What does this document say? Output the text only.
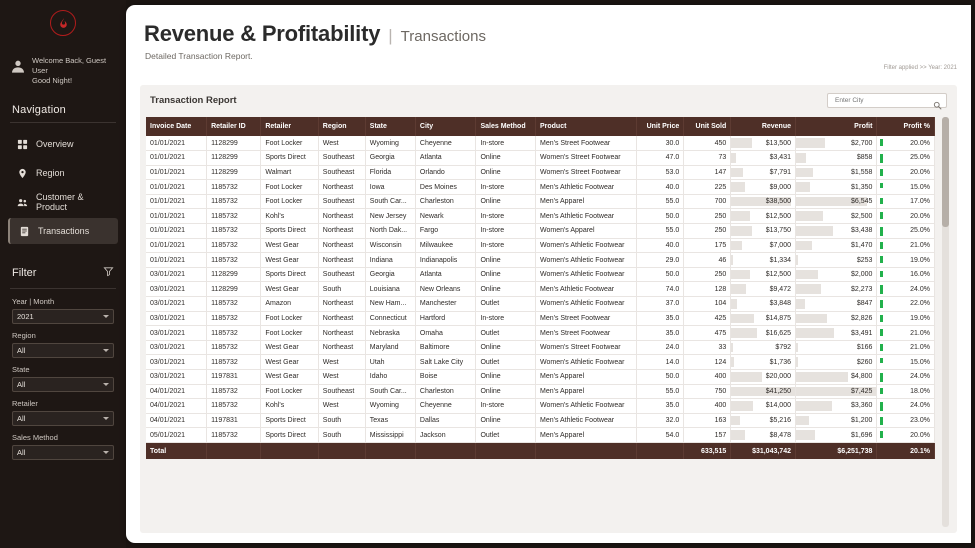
Welcome Back, Guest User
Good Night!
Navigation
Overview
Region
Customer & Product
Transactions
Filter
Year | Month
2021
Region
All
State
All
Retailer
All
Sales Method
All
Revenue & Profitability | Transactions
Detailed Transaction Report.
Filter applied >> Year: 2021
Transaction Report
Enter City
Invoice Date	Retailer ID	Retailer	Region	State	City	Sales Method	Product	Unit Price	Unit Sold	Revenue	Profit	Profit %
01/01/2021	1128299	Foot Locker	West	Wyoming	Cheyenne	In-store	Men's Street Footwear	30.0	450	$13,500	$2,700	20.0%

01/01/2021	1128299	Sports Direct	Southeast	Georgia	Atlanta	Online	Women's Street Footwear	47.0	73	$3,431	$858	25.0%

01/01/2021	1128299	Walmart	Southeast	Florida	Orlando	Online	Women's Street Footwear	53.0	147	$7,791	$1,558	20.0%

01/01/2021	1185732	Foot Locker	Northeast	Iowa	Des Moines	In-store	Men's Athletic Footwear	40.0	225	$9,000	$1,350	15.0%

01/01/2021	1185732	Foot Locker	Southeast	South Car...	Charleston	Online	Men's Apparel	55.0	700	$38,500	$6,545	17.0%

01/01/2021	1185732	Kohl's	Northeast	New Jersey	Newark	In-store	Men's Athletic Footwear	50.0	250	$12,500	$2,500	20.0%

01/01/2021	1185732	Sports Direct	Northeast	North Dak...	Fargo	In-store	Women's Apparel	55.0	250	$13,750	$3,438	25.0%

01/01/2021	1185732	West Gear	Northeast	Wisconsin	Milwaukee	In-store	Women's Athletic Footwear	40.0	175	$7,000	$1,470	21.0%

01/01/2021	1185732	West Gear	Northeast	Indiana	Indianapolis	Online	Women's Athletic Footwear	29.0	46	$1,334	$253	19.0%

03/01/2021	1128299	Sports Direct	Southeast	Georgia	Atlanta	Online	Women's Athletic Footwear	50.0	250	$12,500	$2,000	16.0%

03/01/2021	1128299	West Gear	South	Louisiana	New Orleans	Online	Men's Athletic Footwear	74.0	128	$9,472	$2,273	24.0%

03/01/2021	1185732	Amazon	Northeast	New Ham...	Manchester	Outlet	Women's Athletic Footwear	37.0	104	$3,848	$847	22.0%

03/01/2021	1185732	Foot Locker	Northeast	Connecticut	Hartford	In-store	Men's Street Footwear	35.0	425	$14,875	$2,826	19.0%

03/01/2021	1185732	Foot Locker	Northeast	Nebraska	Omaha	Outlet	Men's Street Footwear	35.0	475	$16,625	$3,491	21.0%

03/01/2021	1185732	West Gear	Northeast	Maryland	Baltimore	Online	Women's Street Footwear	24.0	33	$792	$166	21.0%

03/01/2021	1185732	West Gear	West	Utah	Salt Lake City	Outlet	Women's Athletic Footwear	14.0	124	$1,736	$260	15.0%

03/01/2021	1197831	West Gear	West	Idaho	Boise	Online	Men's Apparel	50.0	400	$20,000	$4,800	24.0%

04/01/2021	1185732	Foot Locker	Southeast	South Car...	Charleston	Online	Men's Apparel	55.0	750	$41,250	$7,425	18.0%

04/01/2021	1185732	Kohl's	West	Wyoming	Cheyenne	In-store	Women's Athletic Footwear	35.0	400	$14,000	$3,360	24.0%

04/01/2021	1197831	Sports Direct	South	Texas	Dallas	Online	Men's Athletic Footwear	32.0	163	$5,216	$1,200	23.0%

05/01/2021	1185732	Sports Direct	South	Mississippi	Jackson	Outlet	Men's Apparel	54.0	157	$8,478	$1,696	20.0%

Total									633,515	$31,043,742	$6,251,738	20.1%
